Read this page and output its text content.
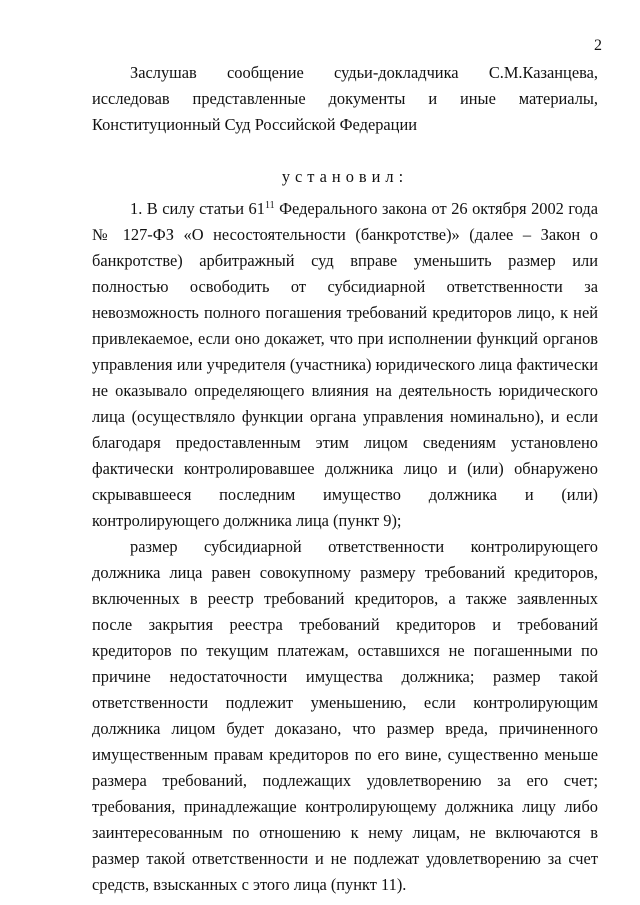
2

Заслушав сообщение судьи-докладчика С.М.Казанцева, исследовав представленные документы и иные материалы, Конституционный Суд Российской Федерации

установил:

1. В силу статьи $61^{11}$ Федерального закона от 26 октября 2002 года № 127-ФЗ «О несостоятельности (банкротстве)» (далее – Закон о банкротстве) арбитражный суд вправе уменьшить размер или полностью освободить от субсидиарной ответственности за невозможность полного погашения требований кредиторов лицо, к ней привлекаемое, если оно докажет, что при исполнении функций органов управления или учредителя (участника) юридического лица фактически не оказывало определяющего влияния на деятельность юридического лица (осуществляло функции органа управления номинально), и если благодаря предоставленным этим лицом сведениям установлено фактически контролировавшее должника лицо и (или) обнаружено скрывавшееся последним имущество должника и (или) контролирующего должника лица (пункт 9);

размер субсидиарной ответственности контролирующего должника лица равен совокупному размеру требований кредиторов, включенных в реестр требований кредиторов, а также заявленных после закрытия реестра требований кредиторов и требований кредиторов по текущим платежам, оставшихся не погашенными по причине недостаточности имущества должника; размер такой ответственности подлежит уменьшению, если контролирующим должника лицом будет доказано, что размер вреда, причиненного имущественным правам кредиторов по его вине, существенно меньше размера требований, подлежащих удовлетворению за его счет; требования, принадлежащие контролирующему должника лицу либо заинтересованным по отношению к нему лицам, не включаются в размер такой ответственности и не подлежат удовлетворению за счет средств, взысканных с этого лица (пункт 11).
